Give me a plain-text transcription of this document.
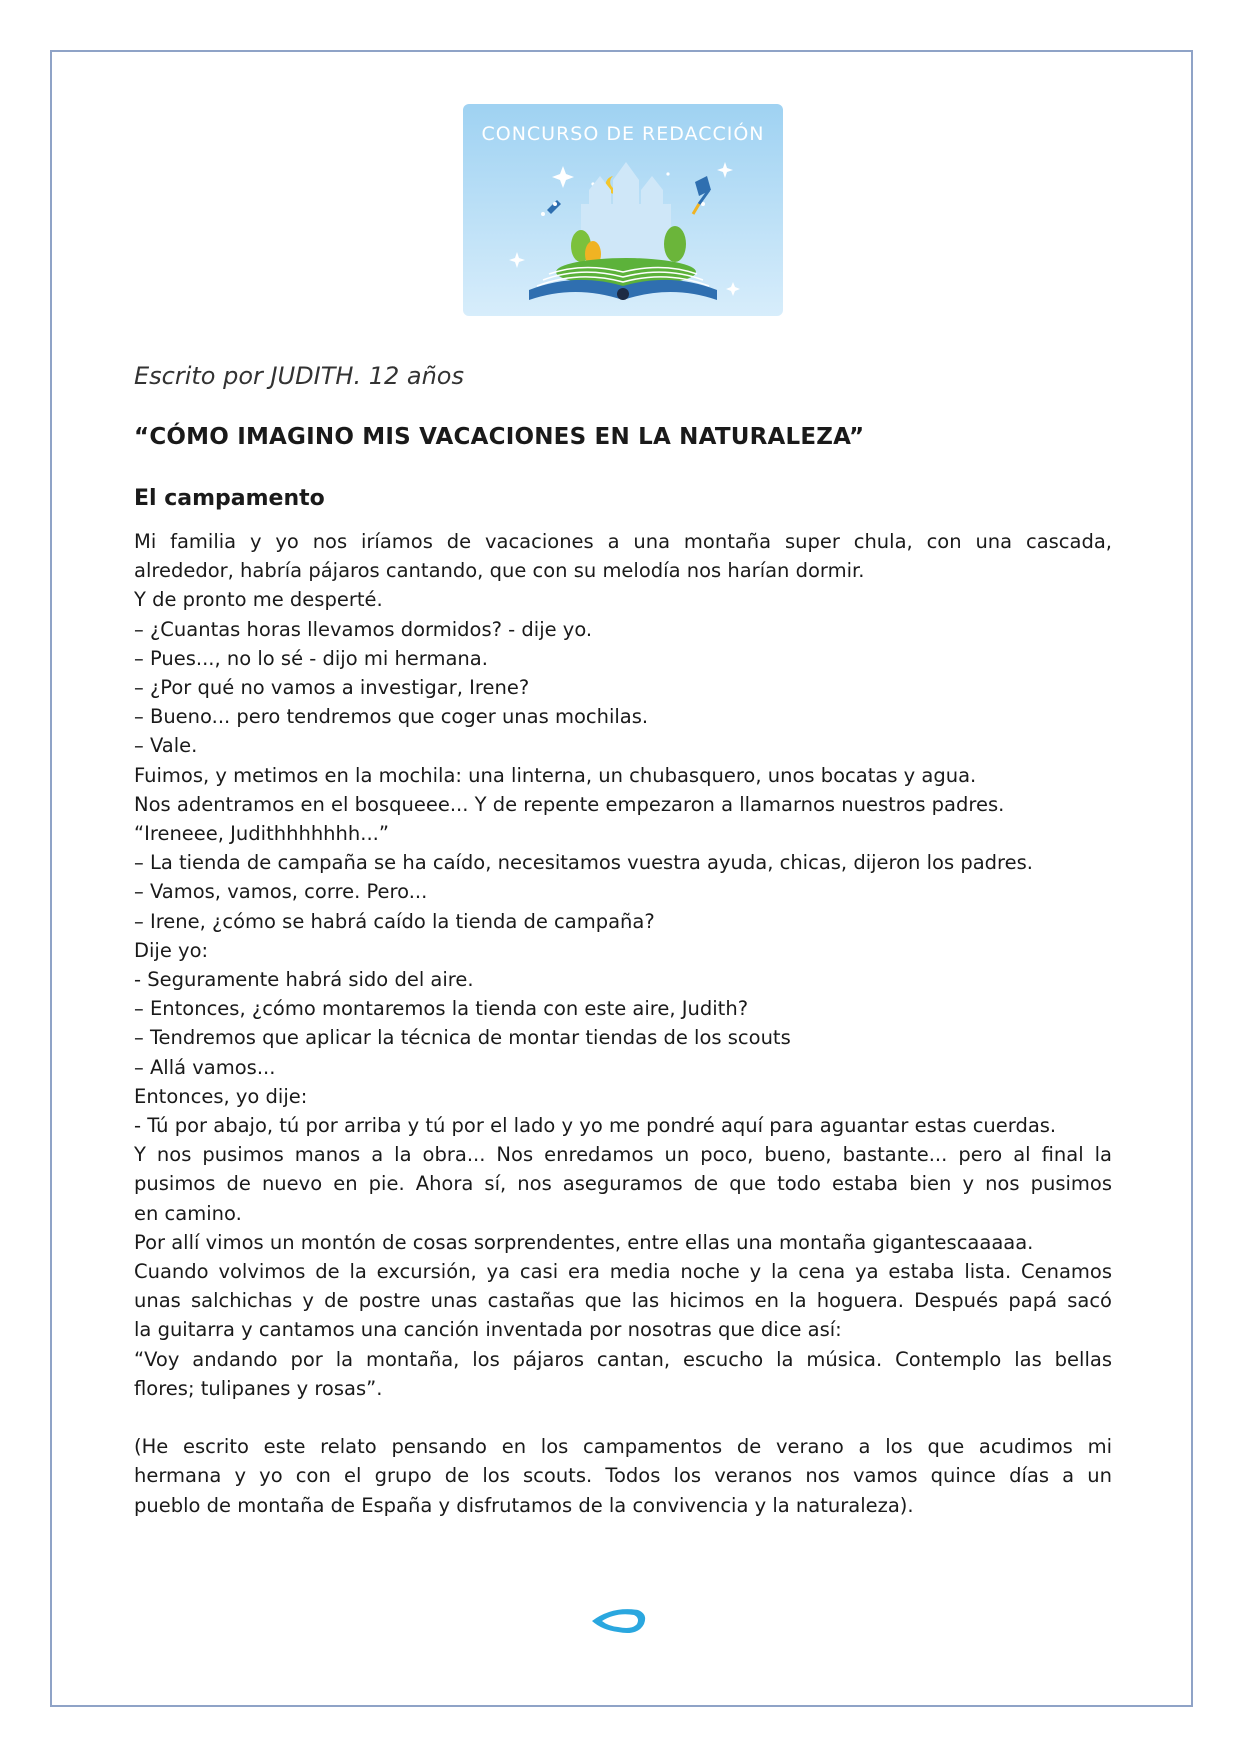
CONCURSO DE REDACCIÓN

Escrito por JUDITH. 12 años

“CÓMO IMAGINO MIS VACACIONES EN LA NATURALEZA”
El campamento
Mi familia y yo nos iríamos de vacaciones a una montaña super chula, con una cascada,
alrededor, habría pájaros cantando, que con su melodía nos harían dormir.
Y de pronto me desperté.
– ¿Cuantas horas llevamos dormidos? - dije yo.
– Pues..., no lo sé - dijo mi hermana.
– ¿Por qué no vamos a investigar, Irene?
– Bueno... pero tendremos que coger unas mochilas.
– Vale.
Fuimos, y metimos en la mochila: una linterna, un chubasquero, unos bocatas y agua.
Nos adentramos en el bosqueee... Y de repente empezaron a llamarnos nuestros padres.
“Ireneee, Judithhhhhhh...”
– La tienda de campaña se ha caído, necesitamos vuestra ayuda, chicas, dijeron los padres.
– Vamos, vamos, corre. Pero...
– Irene, ¿cómo se habrá caído la tienda de campaña?
Dije yo:
- Seguramente habrá sido del aire.
– Entonces, ¿cómo montaremos la tienda con este aire, Judith?
– Tendremos que aplicar la técnica de montar tiendas de los scouts
– Allá vamos...
Entonces, yo dije:
- Tú por abajo, tú por arriba y tú por el lado y yo me pondré aquí para aguantar estas cuerdas.
Y nos pusimos manos a la obra... Nos enredamos un poco, bueno, bastante... pero al final la
pusimos de nuevo en pie. Ahora sí, nos aseguramos de que todo estaba bien y nos pusimos
en camino.
Por allí vimos un montón de cosas sorprendentes, entre ellas una montaña gigantescaaaaa.
Cuando volvimos de la excursión, ya casi era media noche y la cena ya estaba lista. Cenamos
unas salchichas y de postre unas castañas que las hicimos en la hoguera. Después papá sacó
la guitarra y cantamos una canción inventada por nosotras que dice así:
“Voy andando por la montaña, los pájaros cantan, escucho la música. Contemplo las bellas
flores; tulipanes y rosas”.
(He escrito este relato pensando en los campamentos de verano a los que acudimos mi
hermana y yo con el grupo de los scouts. Todos los veranos nos vamos quince días a un
pueblo de montaña de España y disfrutamos de la convivencia y la naturaleza).
